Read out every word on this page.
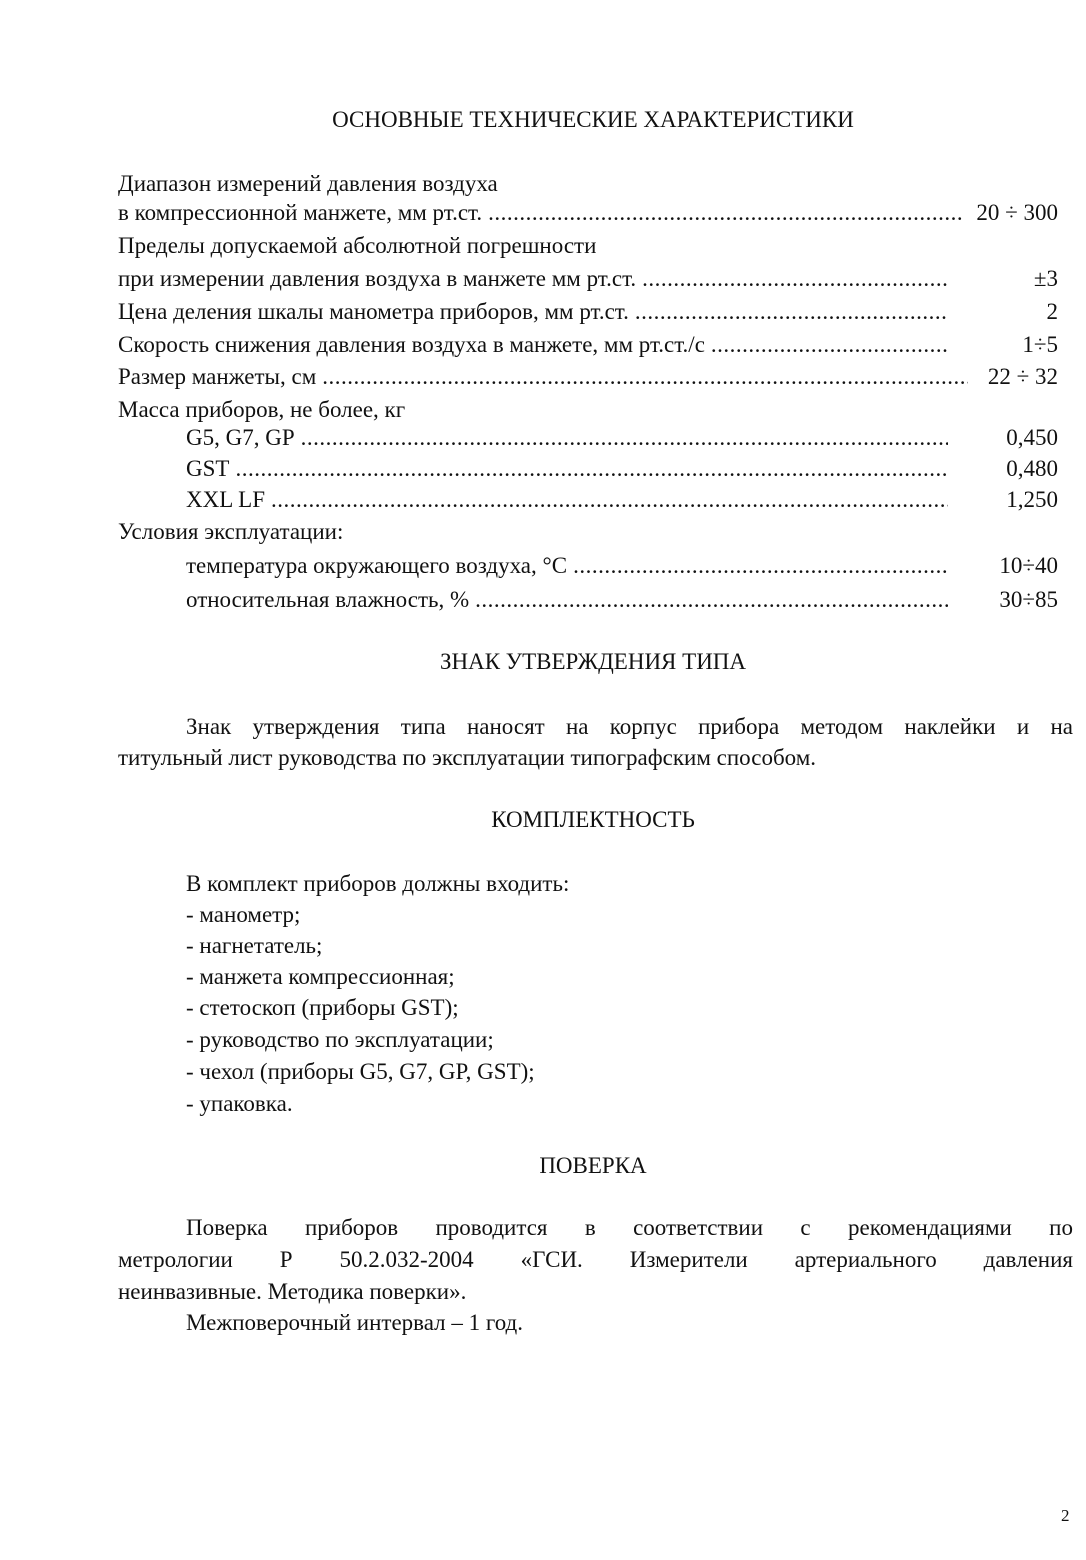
ОСНОВНЫЕ ТЕХНИЧЕСКИЕ ХАРАКТЕРИСТИКИ
Диапазон измерений давления воздуха
в компрессионной манжете, мм рт.ст. .....	20 ÷ 300
Пределы допускаемой абсолютной погрешности
при измерении давления воздуха в манжете мм рт.ст. .....	±3
Цена деления шкалы манометра приборов, мм рт.ст. .....	2
Скорость снижения давления воздуха в манжете, мм рт.ст./с .....	1÷5
Размер манжеты, см .....	22 ÷ 32
Масса приборов, не более, кг
G5, G7, GP .....	0,450
GST .....	0,480
XXL LF .....	1,250
Условия эксплуатации:
температура окружающего воздуха, °С .....	10÷40
относительная влажность, % .....	30÷85
ЗНАК УТВЕРЖДЕНИЯ ТИПА
Знак утверждения типа наносят на корпус прибора методом наклейки и на
титульный лист руководства по эксплуатации типографским способом.
КОМПЛЕКТНОСТЬ
В комплект приборов должны входить:
- манометр;
- нагнетатель;
- манжета компрессионная;
- стетоскоп (приборы GST);
- руководство по эксплуатации;
- чехол (приборы G5, G7, GP, GST);
- упаковка.
ПОВЕРКА
Поверка приборов проводится в соответствии с рекомендациями по
метрологии Р 50.2.032-2004 «ГСИ. Измерители артериального давления
неинвазивные. Методика поверки».
Межповерочный интервал – 1 год.
2
